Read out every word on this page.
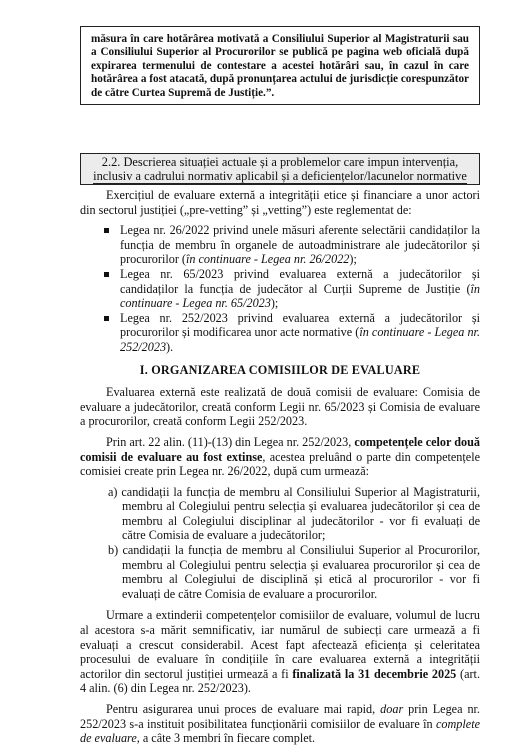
măsura în care hotărârea motivată a Consiliului Superior al Magistraturii sau a Consiliului Superior al Procurorilor se publică pe pagina web oficială după expirarea termenului de contestare a acestei hotărâri sau, în cazul în care hotărârea a fost atacată, după pronunțarea actului de jurisdicție corespunzător de către Curtea Supremă de Justiție.”.
2.2. Descrierea situației actuale și a problemelor care impun intervenția,
inclusiv a cadrului normativ aplicabil și a deficiențelor/lacunelor normative

Exercițiul de evaluare externă a integrității etice și financiare a unor actori din sectorul justiției („pre-vetting” și „vetting”) este reglementat de:

Legea nr. 26/2022 privind unele măsuri aferente selectării candidaților la funcția de membru în organele de autoadministrare ale judecătorilor și procurorilor (în continuare - Legea nr. 26/2022);
Legea nr. 65/2023 privind evaluarea externă a judecătorilor și candidaților la funcția de judecător al Curții Supreme de Justiție (în continuare - Legea nr. 65/2023);
Legea nr. 252/2023 privind evaluarea externă a judecătorilor și procurorilor și modificarea unor acte normative (în continuare - Legea nr. 252/2023).

I. ORGANIZAREA COMISIILOR DE EVALUARE

Evaluarea externă este realizată de două comisii de evaluare: Comisia de evaluare a judecătorilor, creată conform Legii nr. 65/2023 și Comisia de evaluare a procurorilor, creată conform Legii 252/2023.

Prin art. 22 alin. (11)-(13) din Legea nr. 252/2023, competențele celor două comisii de evaluare au fost extinse, acestea preluând o parte din competențele comisiei create prin Legea nr. 26/2022, după cum urmează:

a) candidații la funcția de membru al Consiliului Superior al Magistraturii, membru al Colegiului pentru selecția și evaluarea judecătorilor și cea de membru al Colegiului disciplinar al judecătorilor - vor fi evaluați de către Comisia de evaluare a judecătorilor;
b) candidații la funcția de membru al Consiliului Superior al Procurorilor, membru al Colegiului pentru selecția și evaluarea procurorilor și cea de membru al Colegiului de disciplină și etică al procurorilor - vor fi evaluați de către Comisia de evaluare a procurorilor.

Urmare a extinderii competențelor comisiilor de evaluare, volumul de lucru al acestora s-a mărit semnificativ, iar numărul de subiecți care urmează a fi evaluați a crescut considerabil. Acest fapt afectează eficiența și celeritatea procesului de evaluare în condițiile în care evaluarea externă a integrității actorilor din sectorul justiției urmează a fi finalizată la 31 decembrie 2025 (art. 4 alin. (6) din Legea nr. 252/2023).

Pentru asigurarea unui proces de evaluare mai rapid, doar prin Legea nr. 252/2023 s-a instituit posibilitatea funcționării comisiilor de evaluare în complete de evaluare, a câte 3 membri în fiecare complet.
